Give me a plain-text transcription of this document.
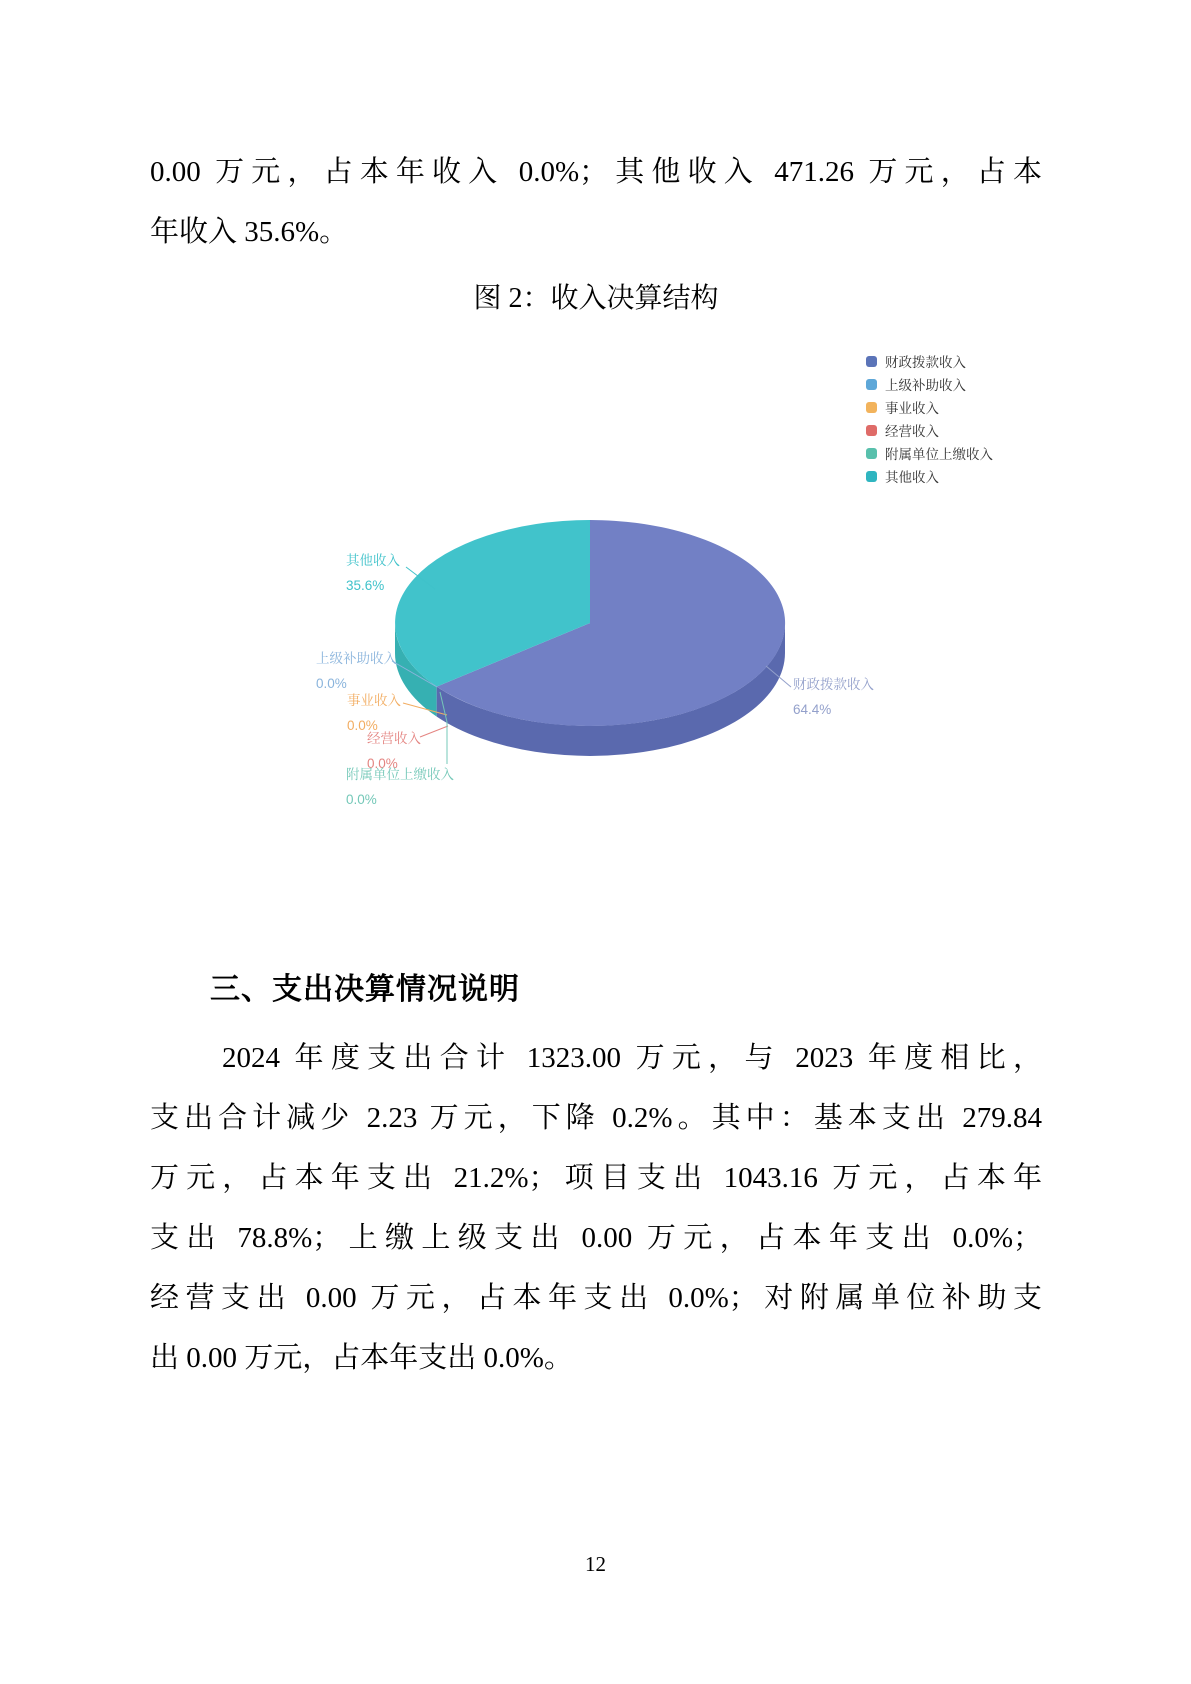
0.00 万元，占本年收入 0.0%；其他收入 471.26 万元，占本
年收入 35.6%。
图 2：收入决算结构
财政拨款收入
上级补助收入
事业收入
经营收入
附属单位上缴收入
其他收入
其他收入
35.6%
上级补助收入
0.0%
事业收入
0.0%
经营收入
0.0%
附属单位上缴收入
0.0%
财政拨款收入
64.4%
三、支出决算情况说明
2024 年度支出合计 1323.00 万元，与 2023 年度相比，
支出合计减少 2.23 万元，下降 0.2%。其中：基本支出 279.84
万元，占本年支出 21.2%；项目支出 1043.16 万元，占本年
支出 78.8%；上缴上级支出 0.00 万元，占本年支出 0.0%；
经营支出 0.00 万元，占本年支出 0.0%；对附属单位补助支
出 0.00 万元，占本年支出 0.0%。
12
